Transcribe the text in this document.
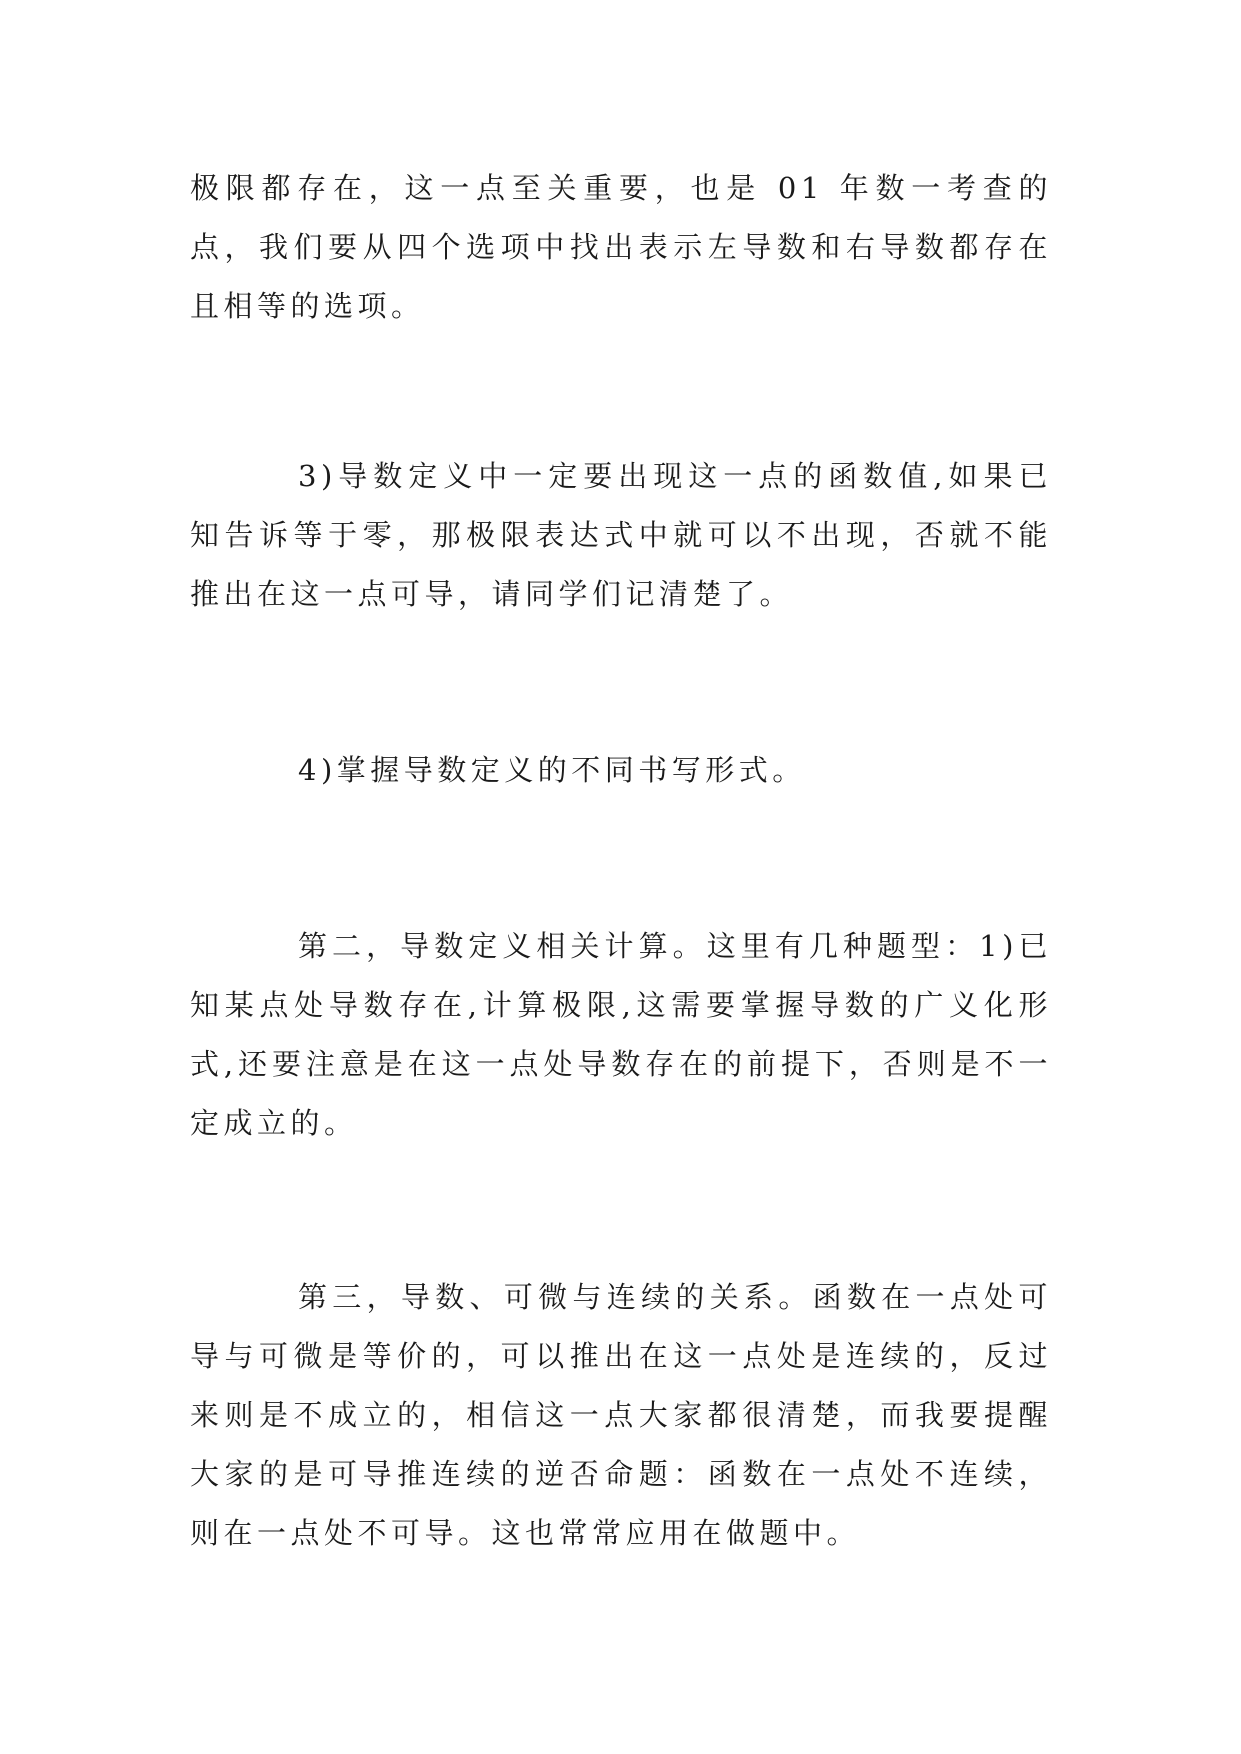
极限都存在，这一点至关重要，也是 01 年数一考查的点，我们要从四个选项中找出表示左导数和右导数都存在且相等的选项。

3)导数定义中一定要出现这一点的函数值,如果已知告诉等于零，那极限表达式中就可以不出现，否就不能推出在这一点可导，请同学们记清楚了。

4)掌握导数定义的不同书写形式。

第二，导数定义相关计算。这里有几种题型：1)已知某点处导数存在,计算极限,这需要掌握导数的广义化形式,还要注意是在这一点处导数存在的前提下，否则是不一定成立的。

第三，导数、可微与连续的关系。函数在一点处可导与可微是等价的，可以推出在这一点处是连续的，反过来则是不成立的，相信这一点大家都很清楚，而我要提醒大家的是可导推连续的逆否命题：函数在一点处不连续，则在一点处不可导。这也常常应用在做题中。
